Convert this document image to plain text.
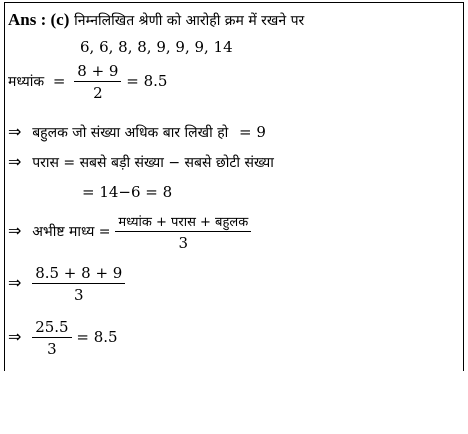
Ans : (c) निम्नलिखित श्रेणी को आरोही क्रम में रखने पर
6, 6, 8, 8, 9, 9, 9, 14
मध्यांक = $\frac{8 + 9}{2} = 8.5$
⇒ बहुलक जो संख्या अधिक बार लिखी हो = 9
⇒ परास = सबसे बड़ी संख्या − सबसे छोटी संख्या
= 14−6 = 8
⇒ अभीष्ट माध्य = $\frac{\text{मध्यांक + परास + बहुलक}}{3}$
⇒ $\frac{8.5 + 8 + 9}{3}$
⇒ $\frac{25.5}{3} = 8.5$
